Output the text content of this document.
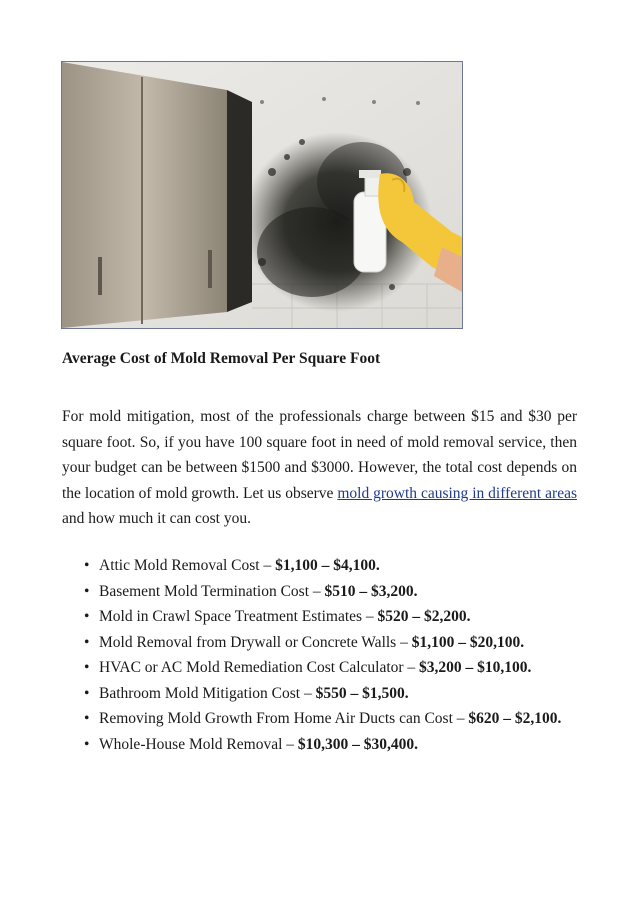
Average Cost of Mold Removal Per Square Foot

For mold mitigation, most of the professionals charge between $15 and $30 per square foot. So, if you have 100 square foot in need of mold removal service, then your budget can be between $1500 and $3000. However, the total cost depends on the location of mold growth. Let us observe mold growth causing in different areas and how much it can cost you.

• Attic Mold Removal Cost – $1,100 – $4,100.
• Basement Mold Termination Cost – $510 – $3,200.
• Mold in Crawl Space Treatment Estimates – $520 – $2,200.
• Mold Removal from Drywall or Concrete Walls – $1,100 – $20,100.
• HVAC or AC Mold Remediation Cost Calculator – $3,200 – $10,100.
• Bathroom Mold Mitigation Cost – $550 – $1,500.
• Removing Mold Growth From Home Air Ducts can Cost – $620 – $2,100.
• Whole-House Mold Removal – $10,300 – $30,400.
